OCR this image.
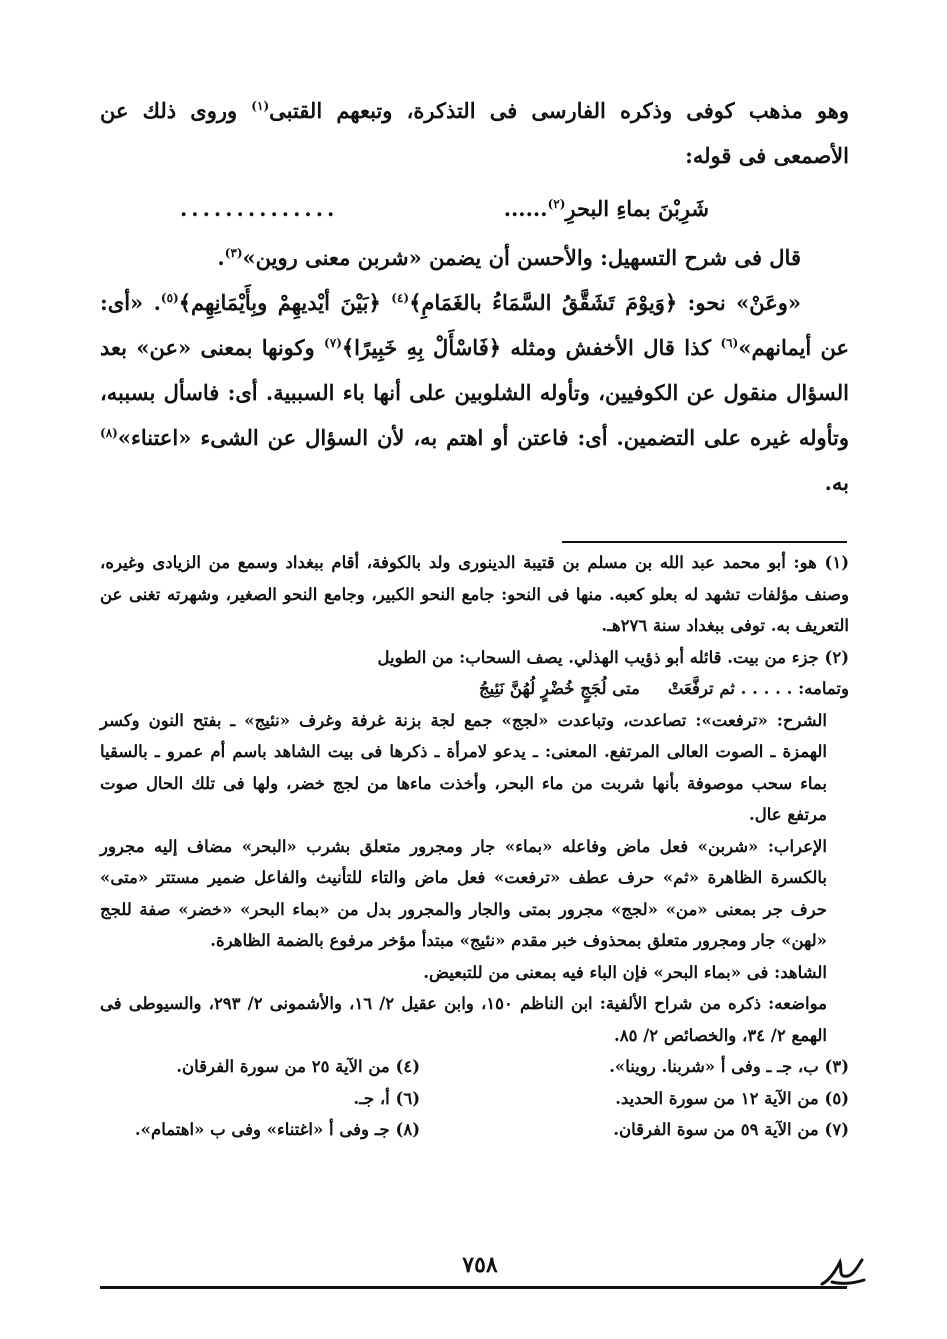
وهو مذهب كوفى وذكره الفارسى فى التذكرة، وتبعهم القتبى$^{(١)}$ وروى ذلك عن الأصمعى فى قوله:

شَرِبْنَ بماءِ البحرِ$^{(٢)}$......
..............

قال فى شرح التسهيل: والأحسن أن يضمن «شربن معنى روين»$^{(٣)}$.

«وعَنْ» نحو: ﴿وَيوْمَ تَشَقَّقُ السَّمَاءُ بالغَمَامِ﴾$^{(٤)}$ ﴿بَيْنَ أيْديهِمْ وبِأَيْمَانِهِم﴾$^{(٥)}$. «أى: عن أيمانهم»$^{(٦)}$ كذا قال الأخفش ومثله ﴿فَاسْأَلْ بِهِ خَبِيرًا﴾$^{(٧)}$ وكونها بمعنى «عن» بعد السؤال منقول عن الكوفيين، وتأوله الشلوبين على أنها باء السببية. أى: فاسأل بسببه، وتأوله غيره على التضمين. أى: فاعتن أو اهتم به، لأن السؤال عن الشىء «اعتناء»$^{(٨)}$ به.

(١) هو: أبو محمد عبد الله بن مسلم بن قتيبة الدينورى ولد بالكوفة، أقام ببغداد وسمع من الزيادى وغيره، وصنف مؤلفات تشهد له بعلو كعبه. منها فى النحو: جامع النحو الكبير، وجامع النحو الصغير، وشهرته تغنى عن التعريف به. توفى ببغداد سنة ٢٧٦هـ.

(٢) جزء من بيت. قائله أبو ذؤيب الهذلي. يصف السحاب: من الطويل

وتمامه: . . . . . ثم ترفَّعَتْ
متى لُجَجٍ خُضْرٍ لُهُنَّ نَئِيجُ

الشرح: «ترفعت»: تصاعدت، وتباعدت «لجج» جمع لجة بزنة غرفة وغرف «نئيج» ـ بفتح النون وكسر الهمزة ـ الصوت العالى المرتفع. المعنى: ـ يدعو لامرأة ـ ذكرها فى بيت الشاهد باسم أم عمرو ـ بالسقيا بماء سحب موصوفة بأنها شربت من ماء البحر، وأخذت ماءها من لجج خضر، ولها فى تلك الحال صوت مرتفع عال.

الإعراب: «شربن» فعل ماض وفاعله «بماء» جار ومجرور متعلق بشرب «البحر» مضاف إليه مجرور بالكسرة الظاهرة «ثم» حرف عطف «ترفعت» فعل ماض والتاء للتأنيث والفاعل ضمير مستتر «متى» حرف جر بمعنى «من» «لجج» مجرور بمتى والجار والمجرور بدل من «بماء البحر» «خضر» صفة للجج «لهن» جار ومجرور متعلق بمحذوف خبر مقدم «نئيج» مبتدأ مؤخر مرفوع بالضمة الظاهرة.

الشاهد: فى «بماء البحر» فإن الباء فيه بمعنى من للتبعيض.

مواضعه: ذكره من شراح الألفية: ابن الناظم ١٥٠، وابن عقيل ٢/ ١٦، والأشمونى ٢/ ٢٩٣، والسيوطى فى الهمع ٢/ ٣٤، والخصائص ٢/ ٨٥.

(٣) ب، جـ ـ وفى أ «شربنا. روينا».
(٤) من الآية ٢٥ من سورة الفرقان.
(٥) من الآية ١٢ من سورة الحديد.
(٦) أ، جـ.
(٧) من الآية ٥٩ من سوة الفرقان.
(٨) جـ وفى أ «اغتناء» وفى ب «اهتمام».
٧٥٨
